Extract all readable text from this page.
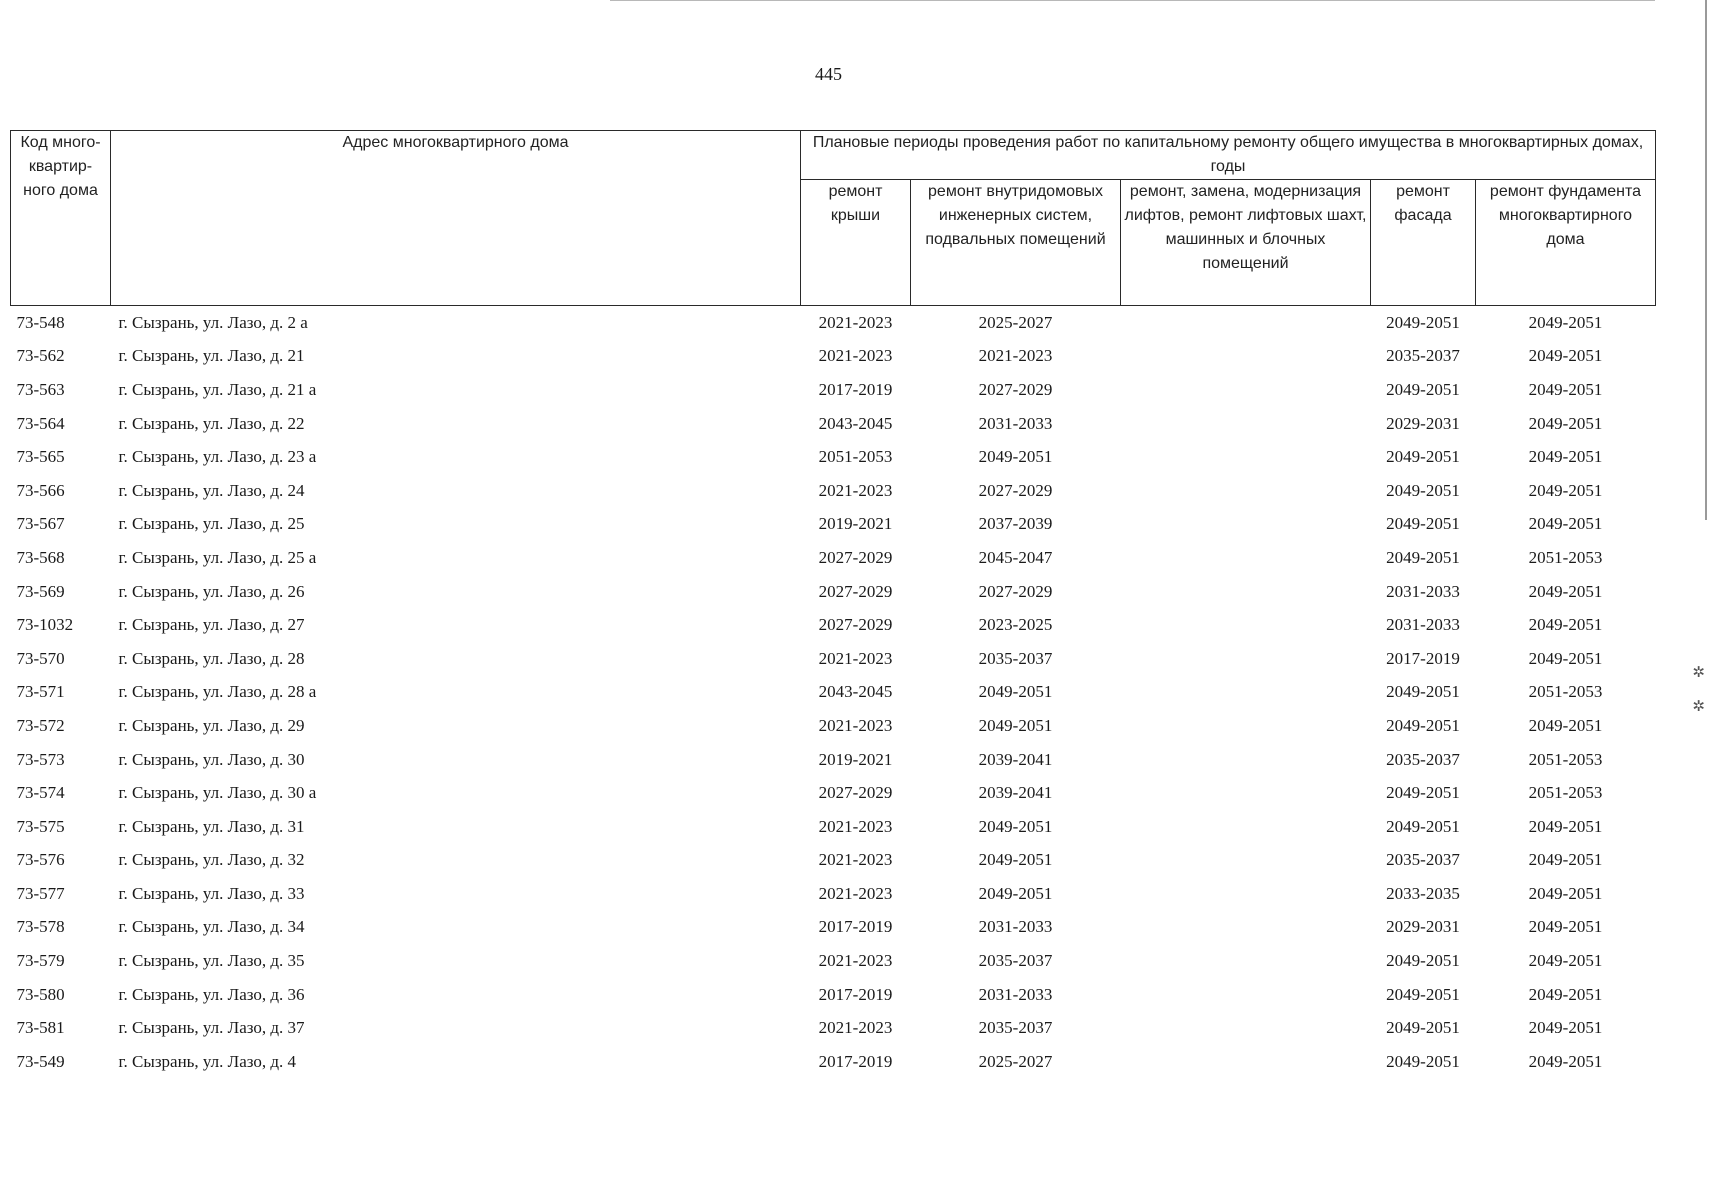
445
Код много-квартир-ного дома	Адрес многоквартирного дома	Плановые периоды проведения работ по капитальному ремонту общего имущества в многоквартирных домах, годы				
		ремонт крыши	ремонт внутридомовых инженерных систем, подвальных помещений	ремонт, замена, модернизация лифтов, ремонт лифтовых шахт, машинных и блочных помещений	ремонт фасада	ремонт фундамента многоквартирного дома
73-548	г. Сызрань, ул. Лазо, д. 2 а	2021-2023	2025-2027		2049-2051	2049-2051
73-562	г. Сызрань, ул. Лазо, д. 21	2021-2023	2021-2023		2035-2037	2049-2051
73-563	г. Сызрань, ул. Лазо, д. 21 а	2017-2019	2027-2029		2049-2051	2049-2051
73-564	г. Сызрань, ул. Лазо, д. 22	2043-2045	2031-2033		2029-2031	2049-2051
73-565	г. Сызрань, ул. Лазо, д. 23 а	2051-2053	2049-2051		2049-2051	2049-2051
73-566	г. Сызрань, ул. Лазо, д. 24	2021-2023	2027-2029		2049-2051	2049-2051
73-567	г. Сызрань, ул. Лазо, д. 25	2019-2021	2037-2039		2049-2051	2049-2051
73-568	г. Сызрань, ул. Лазо, д. 25 а	2027-2029	2045-2047		2049-2051	2051-2053
73-569	г. Сызрань, ул. Лазо, д. 26	2027-2029	2027-2029		2031-2033	2049-2051
73-1032	г. Сызрань, ул. Лазо, д. 27	2027-2029	2023-2025		2031-2033	2049-2051
73-570	г. Сызрань, ул. Лазо, д. 28	2021-2023	2035-2037		2017-2019	2049-2051
73-571	г. Сызрань, ул. Лазо, д. 28 а	2043-2045	2049-2051		2049-2051	2051-2053
73-572	г. Сызрань, ул. Лазо, д. 29	2021-2023	2049-2051		2049-2051	2049-2051
73-573	г. Сызрань, ул. Лазо, д. 30	2019-2021	2039-2041		2035-2037	2051-2053
73-574	г. Сызрань, ул. Лазо, д. 30 а	2027-2029	2039-2041		2049-2051	2051-2053
73-575	г. Сызрань, ул. Лазо, д. 31	2021-2023	2049-2051		2049-2051	2049-2051
73-576	г. Сызрань, ул. Лазо, д. 32	2021-2023	2049-2051		2035-2037	2049-2051
73-577	г. Сызрань, ул. Лазо, д. 33	2021-2023	2049-2051		2033-2035	2049-2051
73-578	г. Сызрань, ул. Лазо, д. 34	2017-2019	2031-2033		2029-2031	2049-2051
73-579	г. Сызрань, ул. Лазо, д. 35	2021-2023	2035-2037		2049-2051	2049-2051
73-580	г. Сызрань, ул. Лазо, д. 36	2017-2019	2031-2033		2049-2051	2049-2051
73-581	г. Сызрань, ул. Лазо, д. 37	2021-2023	2035-2037		2049-2051	2049-2051
73-549	г. Сызрань, ул. Лазо, д. 4	2017-2019	2025-2027		2049-2051	2049-2051
✲
✲
